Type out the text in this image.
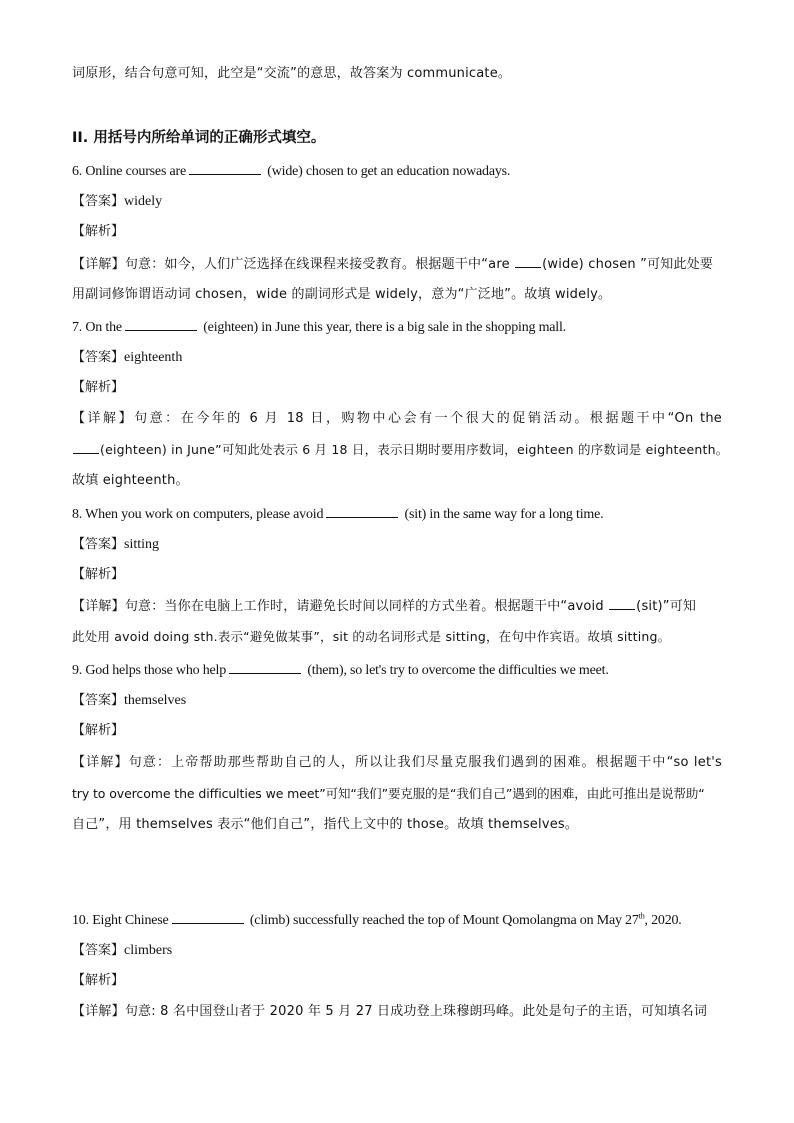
词原形，结合句意可知，此空是“交流”的意思，故答案为 communicate。
II. 用括号内所给单词的正确形式填空。
6. Online courses are	(wide) chosen to get an education nowadays.
【答案】widely
【解析】
【详解】句意：如今，人们广泛选择在线课程来接受教育。根据题干中“are (wide) chosen ”可知此处要
用副词修饰谓语动词 chosen，wide 的副词形式是 widely，意为“广泛地”。故填 widely。
7. On the	(eighteen) in June this year, there is a big sale in the shopping mall.
【答案】eighteenth
【解析】
【详解】句意：在今年的 6 月 18 日，购物中心会有一个很大的促销活动。根据题干中“On the
(eighteen) in June”可知此处表示 6 月 18 日，表示日期时要用序数词，eighteen 的序数词是 eighteenth。
故填 eighteenth。
8. When you work on computers, please avoid	(sit) in the same way for a long time.
【答案】sitting
【解析】
【详解】句意：当你在电脑上工作时，请避免长时间以同样的方式坐着。根据题干中“avoid (sit)”可知
此处用 avoid doing sth.表示“避免做某事”，sit 的动名词形式是 sitting，在句中作宾语。故填 sitting。
9. God helps those who help	(them), so let's try to overcome the difficulties we meet.
【答案】themselves
【解析】
【详解】句意：上帝帮助那些帮助自己的人，所以让我们尽量克服我们遇到的困难。根据题干中“so let's
try to overcome the difficulties we meet”可知“我们”要克服的是“我们自己”遇到的困难，由此可推出是说帮助“
自己”，用 themselves 表示“他们自己”，指代上文中的 those。故填 themselves。
10. Eight Chinese	(climb) successfully reached the top of Mount Qomolangma on May 27th, 2020.
【答案】climbers
【解析】
【详解】句意: 8 名中国登山者于 2020 年 5 月 27 日成功登上珠穆朗玛峰。此处是句子的主语，可知填名词
